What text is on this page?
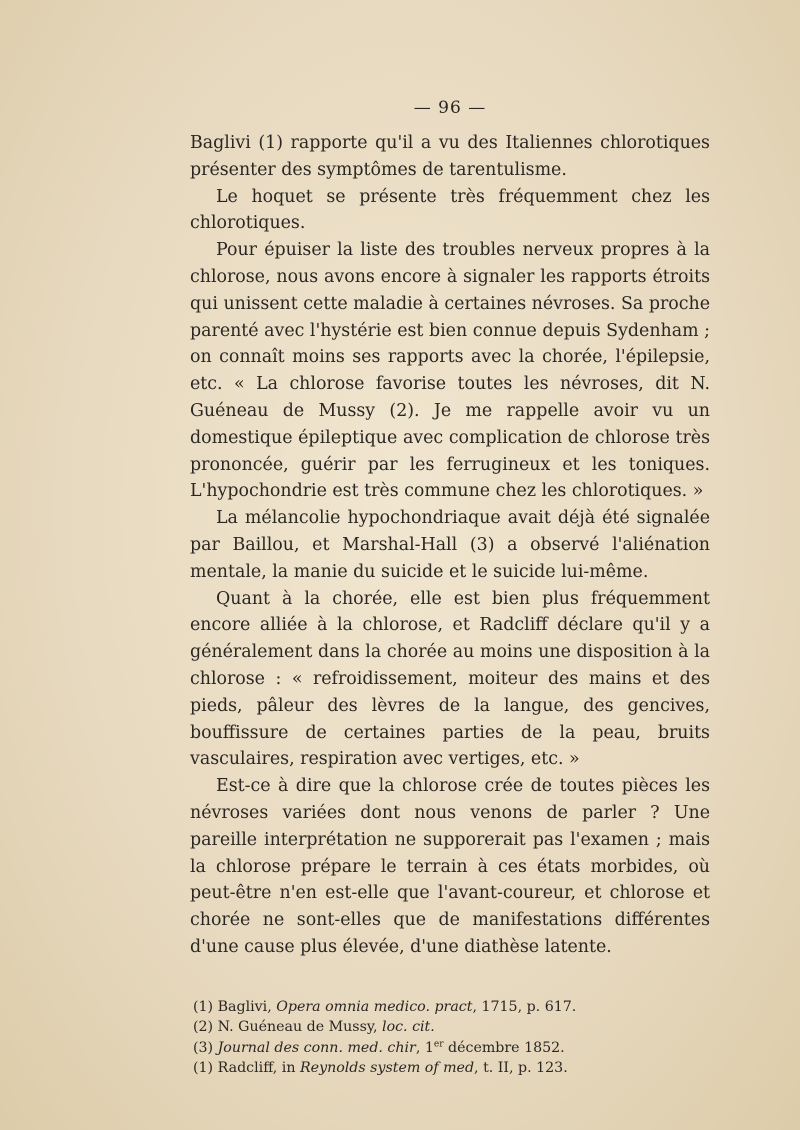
— 96 —

Baglivi (1) rapporte qu'il a vu des Italiennes chlorotiques présenter des symptômes de tarentulisme.

Le hoquet se présente très fréquemment chez les chlorotiques.

Pour épuiser la liste des troubles nerveux propres à la chlorose, nous avons encore à signaler les rapports étroits qui unissent cette maladie à certaines névroses. Sa proche parenté avec l'hystérie est bien connue depuis Sydenham ; on connaît moins ses rapports avec la chorée, l'épilepsie, etc. « La chlorose favorise toutes les névroses, dit N. Guéneau de Mussy (2). Je me rappelle avoir vu un domestique épileptique avec complication de chlorose très prononcée, guérir par les ferrugineux et les toniques. L'hypochondrie est très commune chez les chlorotiques. »

La mélancolie hypochondriaque avait déjà été signalée par Baillou, et Marshal-Hall (3) a observé l'aliénation mentale, la manie du suicide et le suicide lui-même.

Quant à la chorée, elle est bien plus fréquemment encore alliée à la chlorose, et Radcliff déclare qu'il y a généralement dans la chorée au moins une disposition à la chlorose : « refroidissement, moiteur des mains et des pieds, pâleur des lèvres de la langue, des gencives, bouffissure de certaines parties de la peau, bruits vasculaires, respiration avec vertiges, etc. »

Est-ce à dire que la chlorose crée de toutes pièces les névroses variées dont nous venons de parler ? Une pareille interprétation ne supporerait pas l'examen ; mais la chlorose prépare le terrain à ces états morbides, où peut-être n'en est-elle que l'avant-coureur, et chlorose et chorée ne sont-elles que de manifestations différentes d'une cause plus élevée, d'une diathèse latente.

(1) Baglivi, Opera omnia medico. pract, 1715, p. 617.

(2) N. Guéneau de Mussy, loc. cit.

(3) Journal des conn. med. chir, 1er décembre 1852.

(1) Radcliff, in Reynolds system of med, t. II, p. 123.
